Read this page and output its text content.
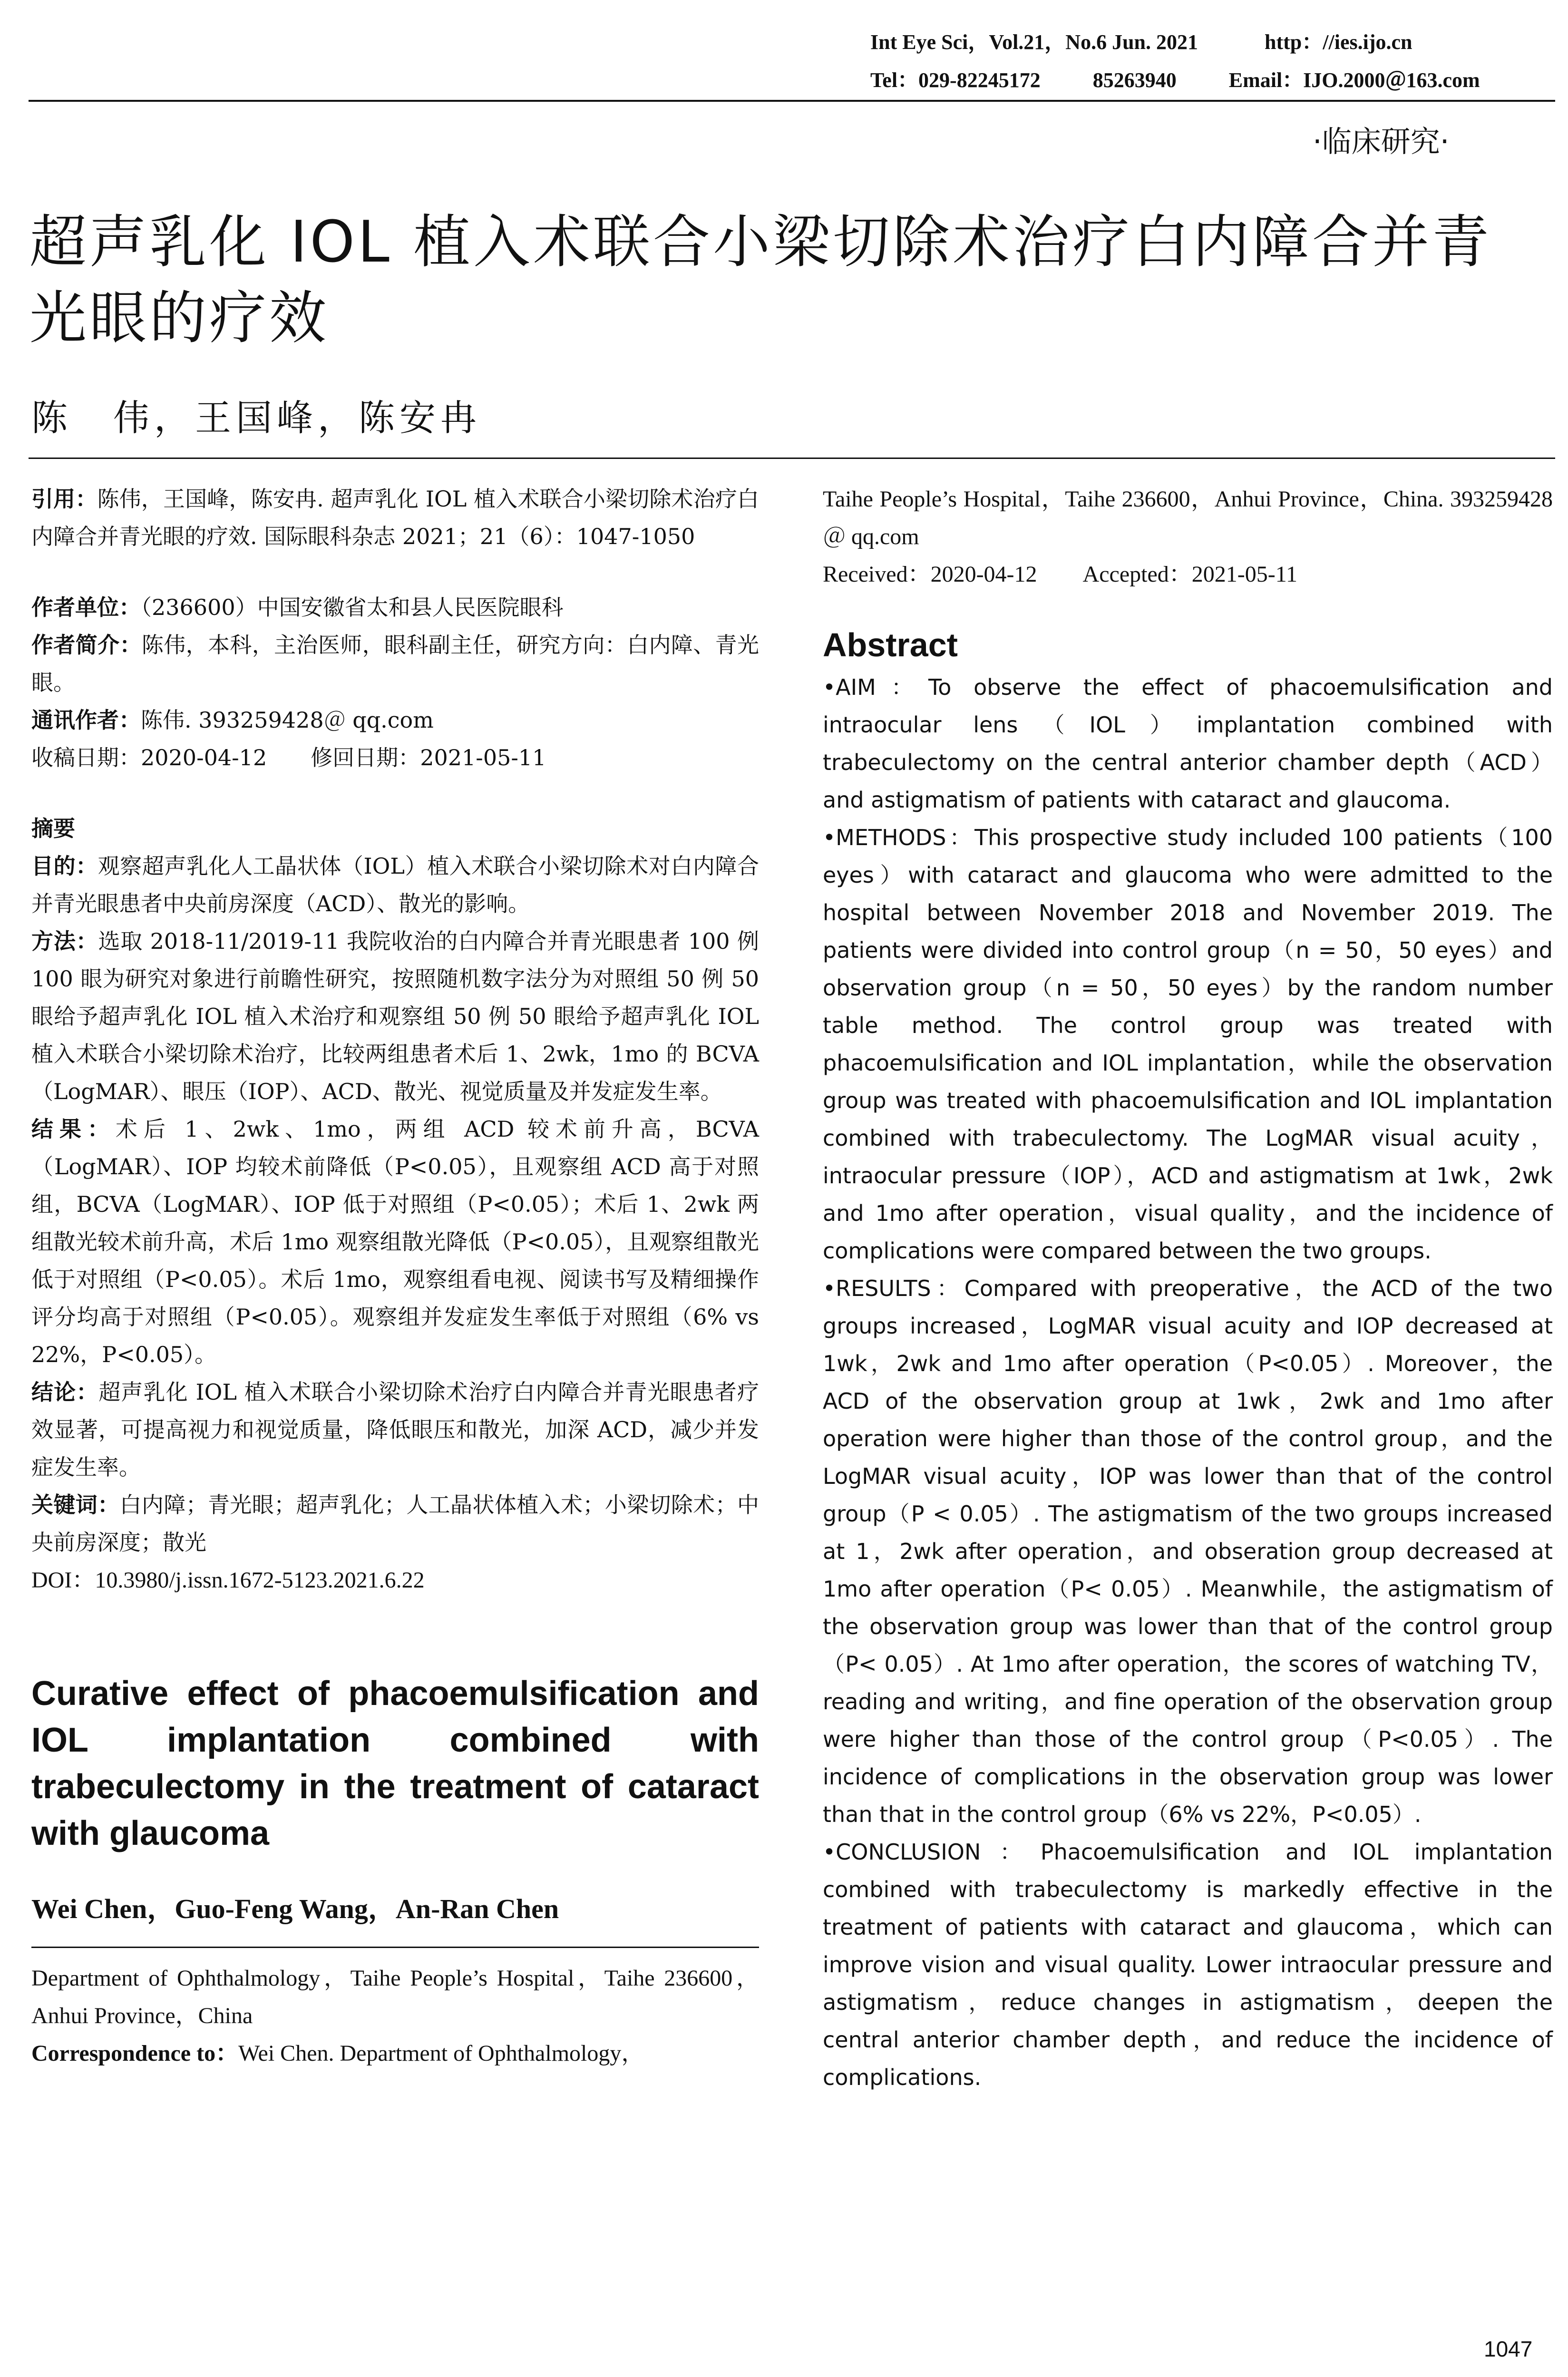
Int Eye Sci，Vol.21，No.6 Jun. 2021	http：//ies.ijo.cn
Tel：029-82245172	85263940	Email：IJO.2000＠163.com
·临床研究·
超声乳化 IOL 植入术联合小梁切除术治疗白内障合并青光眼的疗效
陈　伟，王国峰，陈安冉

引用：陈伟，王国峰，陈安冉. 超声乳化 IOL 植入术联合小梁切除术治疗白内障合并青光眼的疗效. 国际眼科杂志 2021；21（6）：1047-1050

作者单位：（236600）中国安徽省太和县人民医院眼科

作者简介：陈伟，本科，主治医师，眼科副主任，研究方向：白内障、青光眼。

通讯作者：陈伟. 393259428＠ qq.com

收稿日期：2020-04-12　　修回日期：2021-05-11

摘要

目的：观察超声乳化人工晶状体（IOL）植入术联合小梁切除术对白内障合并青光眼患者中央前房深度（ACD）、散光的影响。

方法：选取 2018-11/2019-11 我院收治的白内障合并青光眼患者 100 例 100 眼为研究对象进行前瞻性研究，按照随机数字法分为对照组 50 例 50 眼给予超声乳化 IOL 植入术治疗和观察组 50 例 50 眼给予超声乳化 IOL 植入术联合小梁切除术治疗，比较两组患者术后 1、2wk，1mo 的 BCVA（LogMAR）、眼压（IOP）、ACD、散光、视觉质量及并发症发生率。

结果：术后 1、2wk、1mo，两组 ACD 较术前升高，BCVA（LogMAR）、IOP 均较术前降低（P<0.05），且观察组 ACD 高于对照组，BCVA（LogMAR）、IOP 低于对照组（P<0.05）；术后 1、2wk 两组散光较术前升高，术后 1mo 观察组散光降低（P<0.05），且观察组散光低于对照组（P<0.05）。术后 1mo，观察组看电视、阅读书写及精细操作评分均高于对照组（P<0.05）。观察组并发症发生率低于对照组（6% vs 22%，P<0.05）。

结论：超声乳化 IOL 植入术联合小梁切除术治疗白内障合并青光眼患者疗效显著，可提高视力和视觉质量，降低眼压和散光，加深 ACD，减少并发症发生率。

关键词：白内障；青光眼；超声乳化；人工晶状体植入术；小梁切除术；中央前房深度；散光

DOI：10.3980/j.issn.1672-5123.2021.6.22

Curative effect of phacoemulsification and IOL implantation combined with trabeculectomy in the treatment of cataract with glaucoma
Wei Chen，Guo-Feng Wang，An-Ran Chen

Department of Ophthalmology，Taihe People’s Hospital，Taihe 236600，Anhui Province，China

Correspondence to：Wei Chen. Department of Ophthalmology，

Taihe People’s Hospital，Taihe 236600，Anhui Province，China. 393259428＠ qq.com

Received：2020-04-12　　Accepted：2021-05-11

Abstract

•AIM：To observe the effect of phacoemulsification and intraocular lens（IOL）implantation combined with trabeculectomy on the central anterior chamber depth（ACD）and astigmatism of patients with cataract and glaucoma.

•METHODS：This prospective study included 100 patients（100 eyes）with cataract and glaucoma who were admitted to the hospital between November 2018 and November 2019. The patients were divided into control group（n = 50，50 eyes）and observation group（n = 50，50 eyes）by the random number table method. The control group was treated with phacoemulsification and IOL implantation，while the observation group was treated with phacoemulsification and IOL implantation combined with trabeculectomy. The LogMAR visual acuity，intraocular pressure（IOP），ACD and astigmatism at 1wk，2wk and 1mo after operation，visual quality，and the incidence of complications were compared between the two groups.

•RESULTS：Compared with preoperative，the ACD of the two groups increased，LogMAR visual acuity and IOP decreased at 1wk，2wk and 1mo after operation（P<0.05）. Moreover，the ACD of the observation group at 1wk，2wk and 1mo after operation were higher than those of the control group，and the LogMAR visual acuity，IOP was lower than that of the control group（P < 0.05）. The astigmatism of the two groups increased at 1，2wk after operation，and obseration group decreased at 1mo after operation（P< 0.05）. Meanwhile，the astigmatism of the observation group was lower than that of the control group（P< 0.05）. At 1mo after operation，the scores of watching TV，reading and writing，and fine operation of the observation group were higher than those of the control group（P<0.05）. The incidence of complications in the observation group was lower than that in the control group（6% vs 22%，P<0.05）.

•CONCLUSION：Phacoemulsification and IOL implantation combined with trabeculectomy is markedly effective in the treatment of patients with cataract and glaucoma，which can improve vision and visual quality. Lower intraocular pressure and astigmatism，reduce changes in astigmatism，deepen the central anterior chamber depth，and reduce the incidence of complications.

1047
